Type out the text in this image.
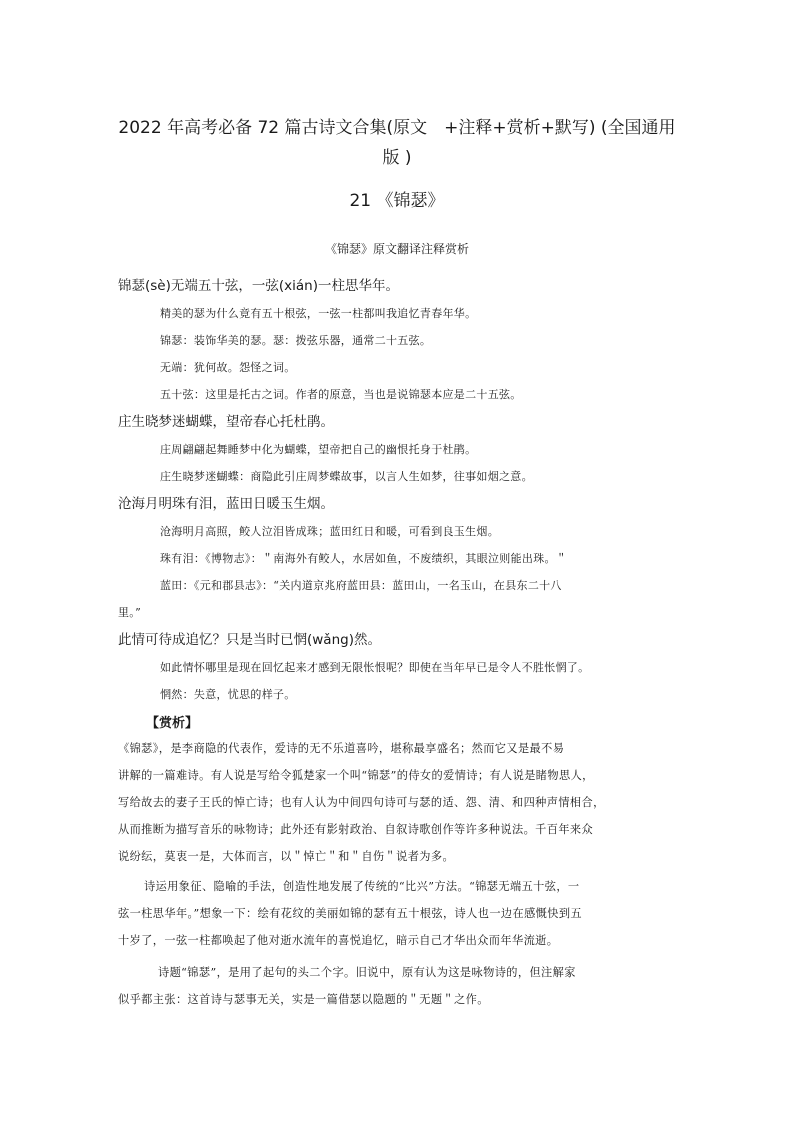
2022 年高考必备 72 篇古诗文合集(原文　+注释+赏析+默写) (全国通用
版 )
21 《锦瑟》
《锦瑟》原文翻译注释赏析
锦瑟(sè)无端五十弦，一弦(xián)一柱思华年。
精美的瑟为什么竟有五十根弦，一弦一柱都叫我追忆青春年华。
锦瑟：装饰华美的瑟。瑟：拨弦乐器，通常二十五弦。
无端：犹何故。怨怪之词。
五十弦：这里是托古之词。作者的原意，当也是说锦瑟本应是二十五弦。
庄生晓梦迷蝴蝶，望帝春心托杜鹃。
庄周翩翩起舞睡梦中化为蝴蝶，望帝把自己的幽恨托身于杜鹃。
庄生晓梦迷蝴蝶：商隐此引庄周梦蝶故事，以言人生如梦，往事如烟之意。
沧海月明珠有泪，蓝田日暖玉生烟。
沧海明月高照，鲛人泣泪皆成珠；蓝田红日和暖，可看到良玉生烟。
珠有泪：《博物志》：＂南海外有鲛人，水居如鱼，不废绩织，其眼泣则能出珠。＂
蓝田：《元和郡县志》：“关内道京兆府蓝田县：蓝田山，一名玉山，在县东二十八
里。”
此情可待成追忆？只是当时已惘(wǎng)然。
如此情怀哪里是现在回忆起来才感到无限怅恨呢？即使在当年早已是令人不胜怅惘了。
惘然：失意，忧思的样子。
【赏析】
《锦瑟》，是李商隐的代表作，爱诗的无不乐道喜吟，堪称最享盛名；然而它又是最不易
讲解的一篇难诗。有人说是写给令狐楚家一个叫“锦瑟”的侍女的爱情诗；有人说是睹物思人，
写给故去的妻子王氏的悼亡诗；也有人认为中间四句诗可与瑟的适、怨、清、和四种声情相合，
从而推断为描写音乐的咏物诗；此外还有影射政治、自叙诗歌创作等许多种说法。千百年来众
说纷纭，莫衷一是，大体而言，以＂悼亡＂和＂自伤＂说者为多。
诗运用象征、隐喻的手法，创造性地发展了传统的“比兴”方法。“锦瑟无端五十弦，一
弦一柱思华年。”想象一下：绘有花纹的美丽如锦的瑟有五十根弦，诗人也一边在感慨快到五
十岁了，一弦一柱都唤起了他对逝水流年的喜悦追忆，暗示自己才华出众而年华流逝。
诗题“锦瑟”，是用了起句的头二个字。旧说中，原有认为这是咏物诗的，但注解家
似乎都主张：这首诗与瑟事无关，实是一篇借瑟以隐题的＂无题＂之作。
